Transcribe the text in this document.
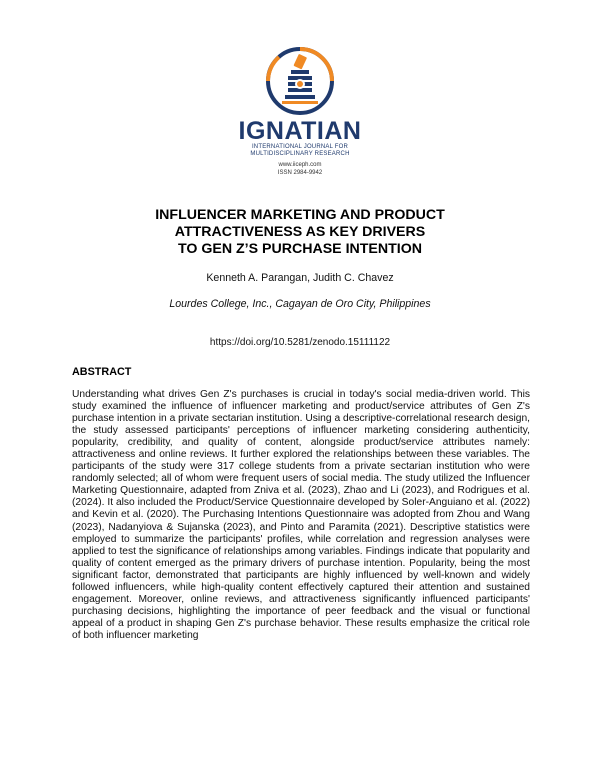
IGNATIAN
INTERNATIONAL JOURNAL FOR
MULTIDISCIPLINARY RESEARCH
www.iiceph.com
ISSN 2984-9942
INFLUENCER MARKETING AND PRODUCT
ATTRACTIVENESS AS KEY DRIVERS
TO GEN Z’S PURCHASE INTENTION
Kenneth A. Parangan, Judith C. Chavez
Lourdes College, Inc., Cagayan de Oro City, Philippines
https://doi.org/10.5281/zenodo.15111122
ABSTRACT
Understanding what drives Gen Z's purchases is crucial in today's social media-driven world. This study examined the influence of influencer marketing and product/service attributes of Gen Z's purchase intention in a private sectarian institution. Using a descriptive-correlational research design, the study assessed participants' perceptions of influencer marketing considering authenticity, popularity, credibility, and quality of content, alongside product/service attributes namely: attractiveness and online reviews. It further explored the relationships between these variables. The participants of the study were 317 college students from a private sectarian institution who were randomly selected; all of whom were frequent users of social media. The study utilized the Influencer Marketing Questionnaire, adapted from Zniva et al. (2023), Zhao and Li (2023), and Rodrigues et al. (2024). It also included the Product/Service Questionnaire developed by Soler-Anguiano et al. (2022) and Kevin et al. (2020). The Purchasing Intentions Questionnaire was adopted from Zhou and Wang (2023), Nadanyiova & Sujanska (2023), and Pinto and Paramita (2021). Descriptive statistics were employed to summarize the participants' profiles, while correlation and regression analyses were applied to test the significance of relationships among variables. Findings indicate that popularity and quality of content emerged as the primary drivers of purchase intention. Popularity, being the most significant factor, demonstrated that participants are highly influenced by well-known and widely followed influencers, while high-quality content effectively captured their attention and sustained engagement. Moreover, online reviews, and attractiveness significantly influenced participants' purchasing decisions, highlighting the importance of peer feedback and the visual or functional appeal of a product in shaping Gen Z's purchase behavior. These results emphasize the critical role of both influencer marketing
